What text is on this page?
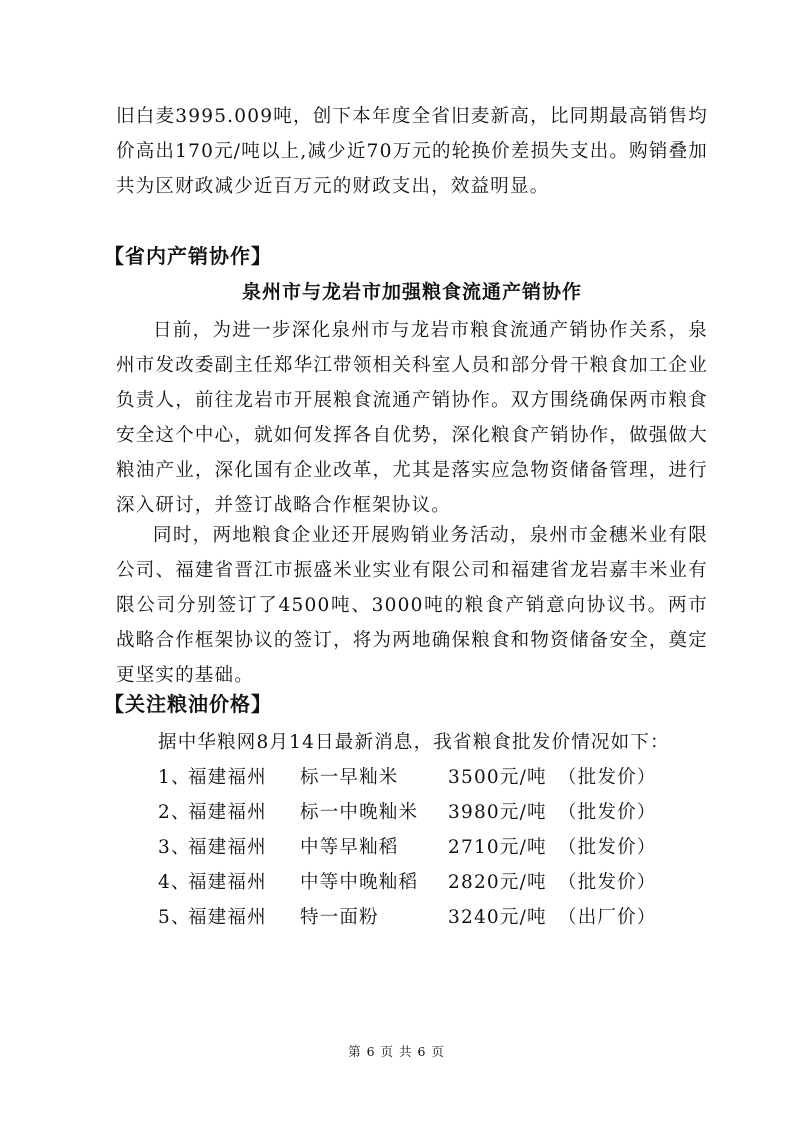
旧白麦3995.009吨，创下本年度全省旧麦新高，比同期最高销售均价高出170元/吨以上,减少近70万元的轮换价差损失支出。购销叠加共为区财政减少近百万元的财政支出，效益明显。

【省内产销协作】
泉州市与龙岩市加强粮食流通产销协作

日前，为进一步深化泉州市与龙岩市粮食流通产销协作关系，泉州市发改委副主任郑华江带领相关科室人员和部分骨干粮食加工企业负责人，前往龙岩市开展粮食流通产销协作。双方围绕确保两市粮食安全这个中心，就如何发挥各自优势，深化粮食产销协作，做强做大粮油产业，深化国有企业改革，尤其是落实应急物资储备管理，进行深入研讨，并签订战略合作框架协议。

同时，两地粮食企业还开展购销业务活动，泉州市金穗米业有限公司、福建省晋江市振盛米业实业有限公司和福建省龙岩嘉丰米业有限公司分别签订了4500吨、3000吨的粮食产销意向协议书。两市战略合作框架协议的签订，将为两地确保粮食和物资储备安全，奠定更坚实的基础。

【关注粮油价格】

据中华粮网8月14日最新消息，我省粮食批发价情况如下：

1、
福建福州 标一早籼米	3500元/吨 （批发价）
2、
福建福州 标一中晚籼米 3980元/吨 （批发价）
3、
福建福州 中等早籼稻	2710元/吨 （批发价）
4、
福建福州 中等中晚籼稻 2820元/吨 （批发价）
5、
福建福州 特一面粉	3240元/吨 （出厂价）
第 6 页 共 6 页
